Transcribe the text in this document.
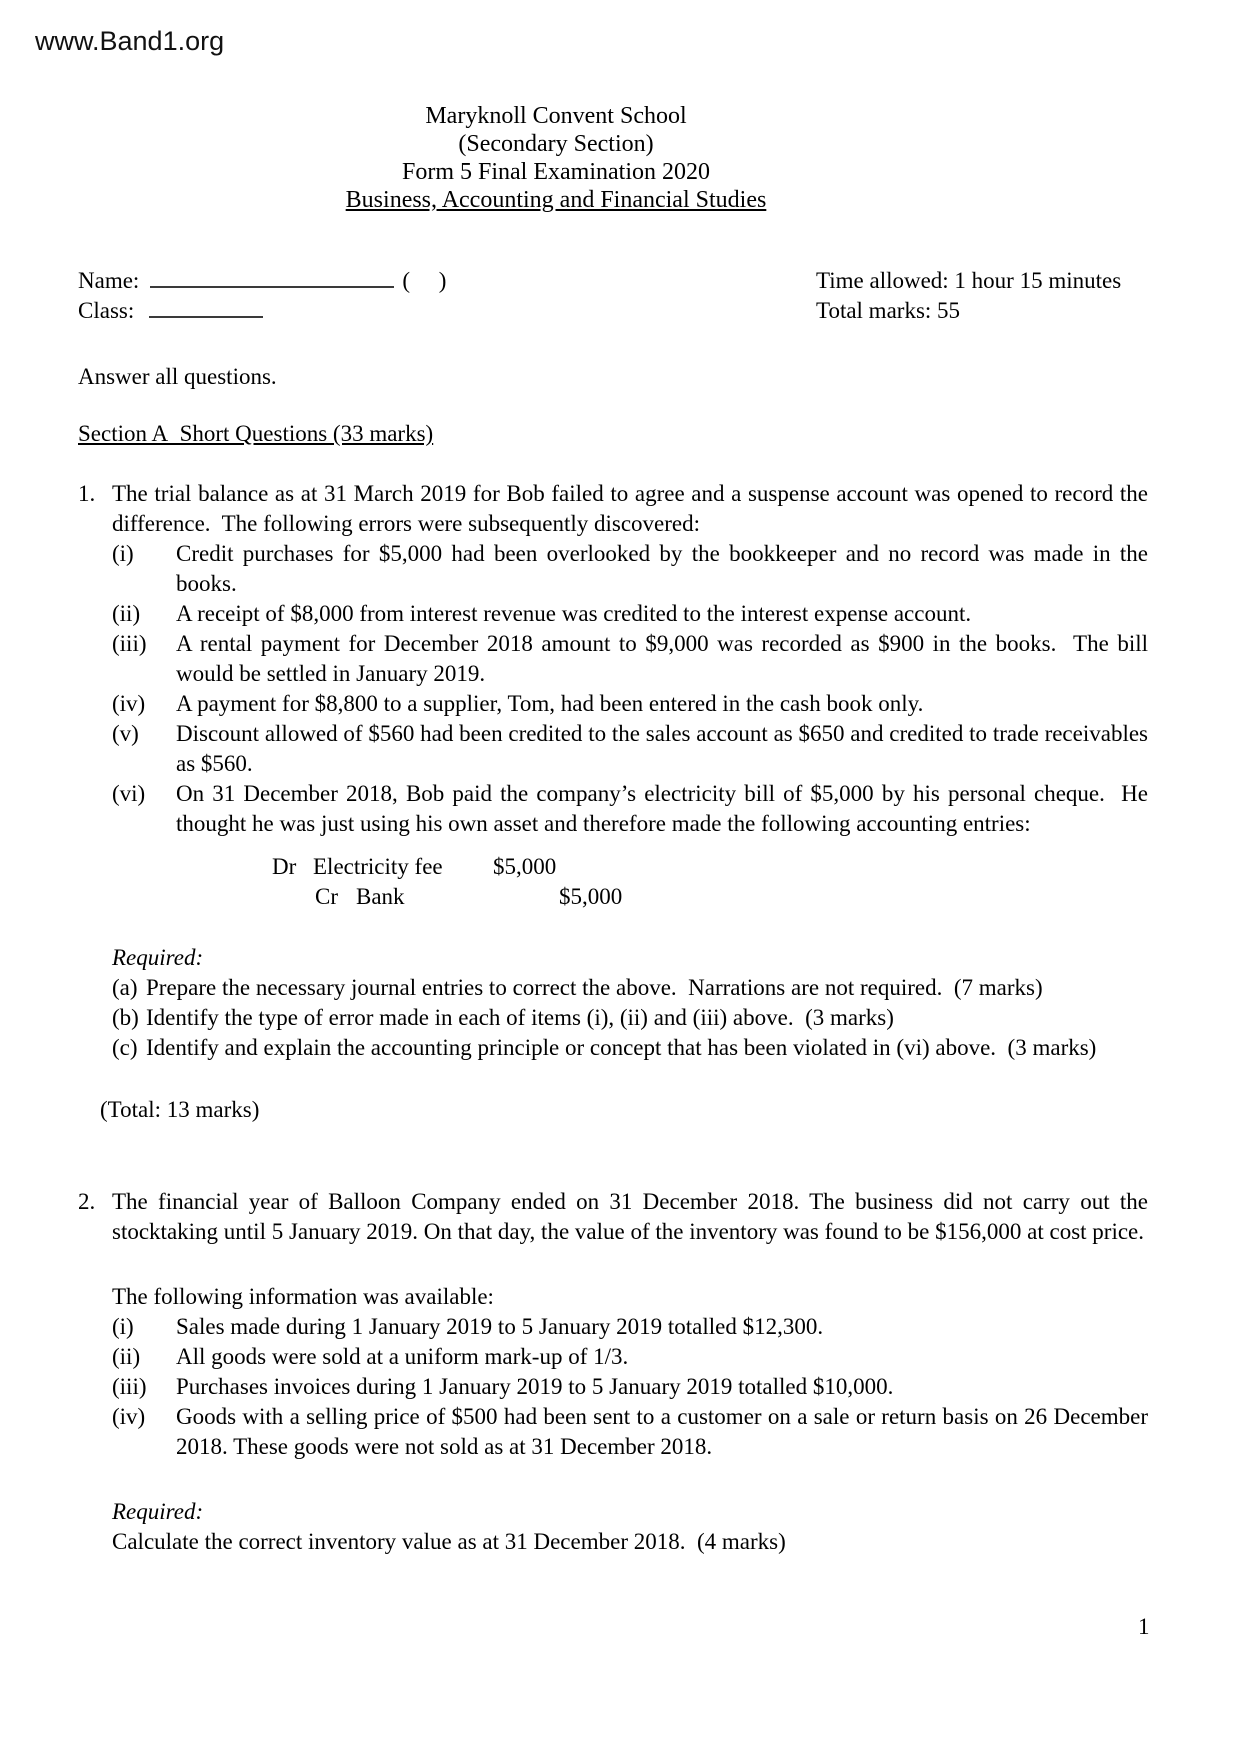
www.Band1.org
Maryknoll Convent School
(Secondary Section)
Form 5 Final Examination 2020
Business, Accounting and Financial Studies
Name:	(     )
Class:
Time allowed: 1 hour 15 minutes
Total marks: 55
Answer all questions.
Section A  Short Questions (33 marks)
1. The trial balance as at 31 March 2019 for Bob failed to agree and a suspense account was opened to record the difference.  The following errors were subsequently discovered:
(i)	Credit purchases for $5,000 had been overlooked by the bookkeeper and no record was made in the books.
(ii)	A receipt of $8,000 from interest revenue was credited to the interest expense account.
(iii)	A rental payment for December 2018 amount to $9,000 was recorded as $900 in the books.  The bill would be settled in January 2019.
(iv)	A payment for $8,800 to a supplier, Tom, had been entered in the cash book only.
(v)	Discount allowed of $560 had been credited to the sales account as $650 and credited to trade receivables as $560.
(vi)	On 31 December 2018, Bob paid the company’s electricity bill of $5,000 by his personal cheque.  He thought he was just using his own asset and therefore made the following accounting entries:
Dr Electricity fee	$5,000
Cr Bank	$5,000
Required:
(a) Prepare the necessary journal entries to correct the above.  Narrations are not required.  (7 marks)
(b) Identify the type of error made in each of items (i), (ii) and (iii) above.  (3 marks)
(c) Identify and explain the accounting principle or concept that has been violated in (vi) above.  (3 marks)
(Total: 13 marks)
2. The financial year of Balloon Company ended on 31 December 2018. The business did not carry out the stocktaking until 5 January 2019. On that day, the value of the inventory was found to be $156,000 at cost price.
The following information was available:
(i)	Sales made during 1 January 2019 to 5 January 2019 totalled $12,300.
(ii)	All goods were sold at a uniform mark-up of 1/3.
(iii)	Purchases invoices during 1 January 2019 to 5 January 2019 totalled $10,000.
(iv)	Goods with a selling price of $500 had been sent to a customer on a sale or return basis on 26 December 2018. These goods were not sold as at 31 December 2018.
Required:
Calculate the correct inventory value as at 31 December 2018.  (4 marks)
1
